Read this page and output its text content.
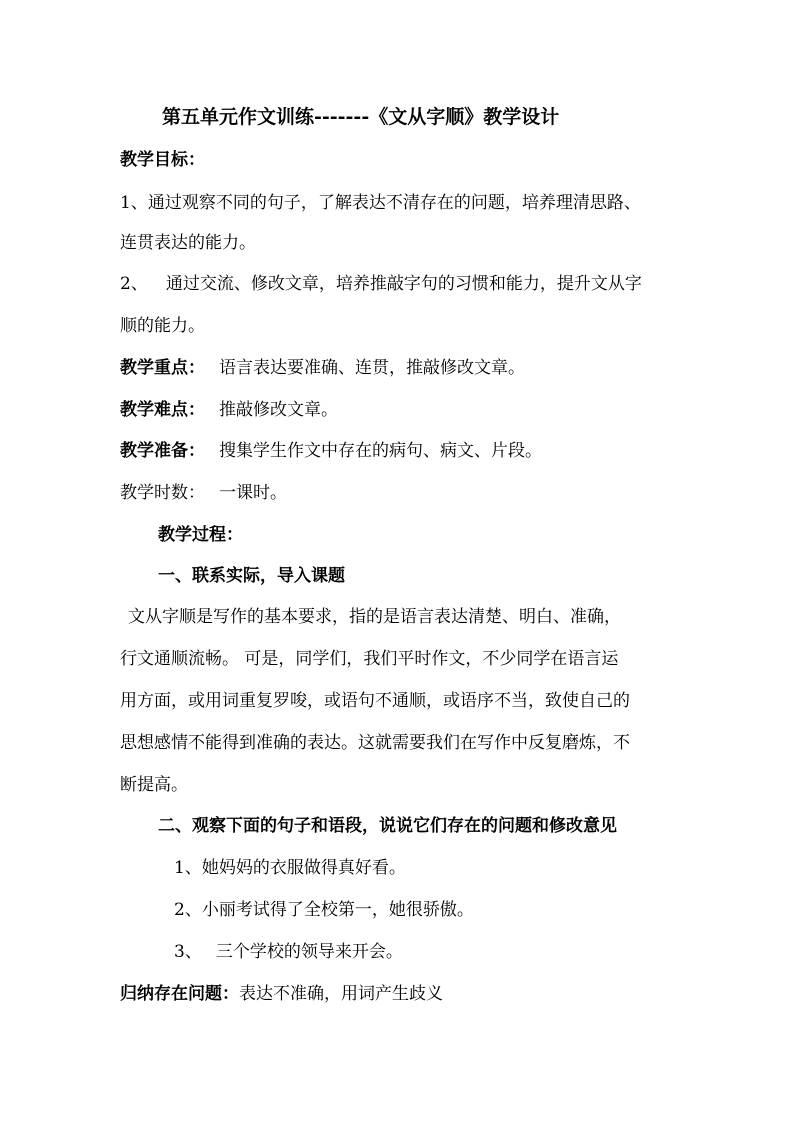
第五单元作文训练-------《文从字顺》教学设计
教学目标：
1、通过观察不同的句子，了解表达不清存在的问题，培养理清思路、
连贯表达的能力。
2、 通过交流、修改文章，培养推敲字句的习惯和能力，提升文从字
顺的能力。
教学重点： 语言表达要准确、连贯，推敲修改文章。
教学难点： 推敲修改文章。
教学准备： 搜集学生作文中存在的病句、病文、片段。
教学时数： 一课时。
教学过程：
一、联系实际，导入课题
文从字顺是写作的基本要求，指的是语言表达清楚、明白、准确，
行文通顺流畅。 可是，同学们，我们平时作文，不少同学在语言运
用方面，或用词重复罗唆，或语句不通顺，或语序不当，致使自己的
思想感情不能得到准确的表达。这就需要我们在写作中反复磨炼，不
断提高。
二、观察下面的句子和语段，说说它们存在的问题和修改意见
1、她妈妈的衣服做得真好看。
2、小丽考试得了全校第一，她很骄傲。
3、 三个学校的领导来开会。
归纳存在问题：表达不准确，用词产生歧义
